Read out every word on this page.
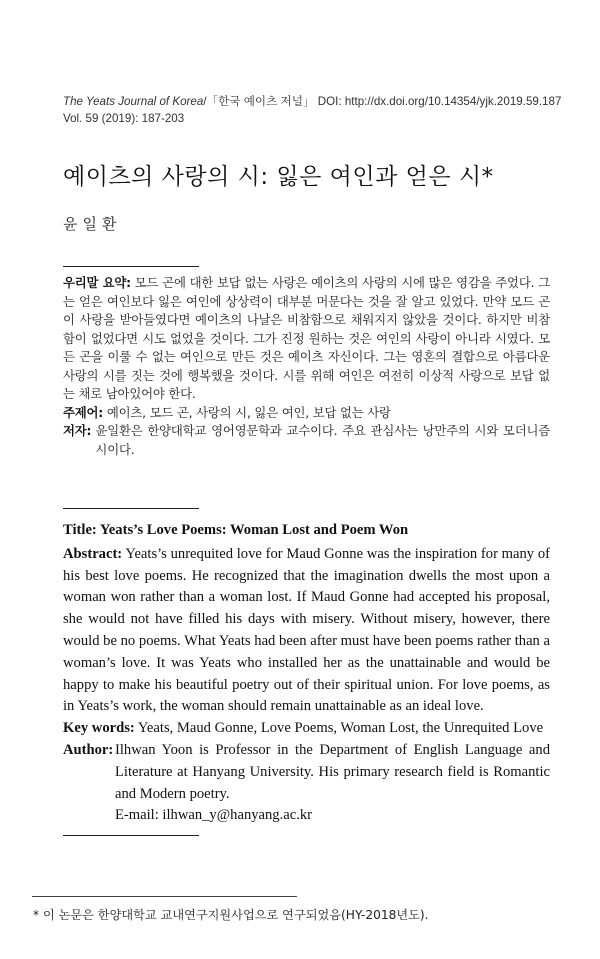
The Yeats Journal of Korea/「한국 예이츠 저널」 DOI: http://dx.doi.org/10.14354/yjk.2019.59.187
Vol. 59 (2019): 187-203
예이츠의 사랑의 시: 잃은 여인과 얻은 시*
윤일환

우리말 요약: 모드 곤에 대한 보답 없는 사랑은 예이츠의 사랑의 시에 많은 영감을 주었다. 그는 얻은 여인보다 잃은 여인에 상상력이 대부분 머문다는 것을 잘 알고 있었다. 만약 모드 곤이 사랑을 받아들였다면 예이츠의 나날은 비참함으로 채워지지 않았을 것이다. 하지만 비참함이 없었다면 시도 없었을 것이다. 그가 진정 원하는 것은 여인의 사랑이 아니라 시였다. 모든 곤을 이룰 수 없는 여인으로 만든 것은 예이츠 자신이다. 그는 영혼의 결합으로 아름다운 사랑의 시를 짓는 것에 행복했을 것이다. 시를 위해 여인은 여전히 이상적 사랑으로 보답 없는 채로 남아있어야 한다.

주제어: 예이츠, 모드 곤, 사랑의 시, 잃은 여인, 보답 없는 사랑

저자: 윤일환은 한양대학교 영어영문학과 교수이다. 주요 관심사는 낭만주의 시와 모더니즘 시이다.

Title: Yeats’s Love Poems: Woman Lost and Poem Won

Abstract: Yeats’s unrequited love for Maud Gonne was the inspiration for many of his best love poems. He recognized that the imagination dwells the most upon a woman won rather than a woman lost. If Maud Gonne had accepted his proposal, she would not have filled his days with misery. Without misery, however, there would be no poems. What Yeats had been after must have been poems rather than a woman’s love. It was Yeats who installed her as the unattainable and would be happy to make his beautiful poetry out of their spiritual union. For love poems, as in Yeats’s work, the woman should remain unattainable as an ideal love.

Key words: Yeats, Maud Gonne, Love Poems, Woman Lost, the Unrequited Love

Author: Ilhwan Yoon is Professor in the Department of English Language and Literature at Hanyang University. His primary research field is Romantic and Modern poetry.
E-mail: ilhwan_y@hanyang.ac.kr
* 이 논문은 한양대학교 교내연구지원사업으로 연구되었음(HY-2018년도).
